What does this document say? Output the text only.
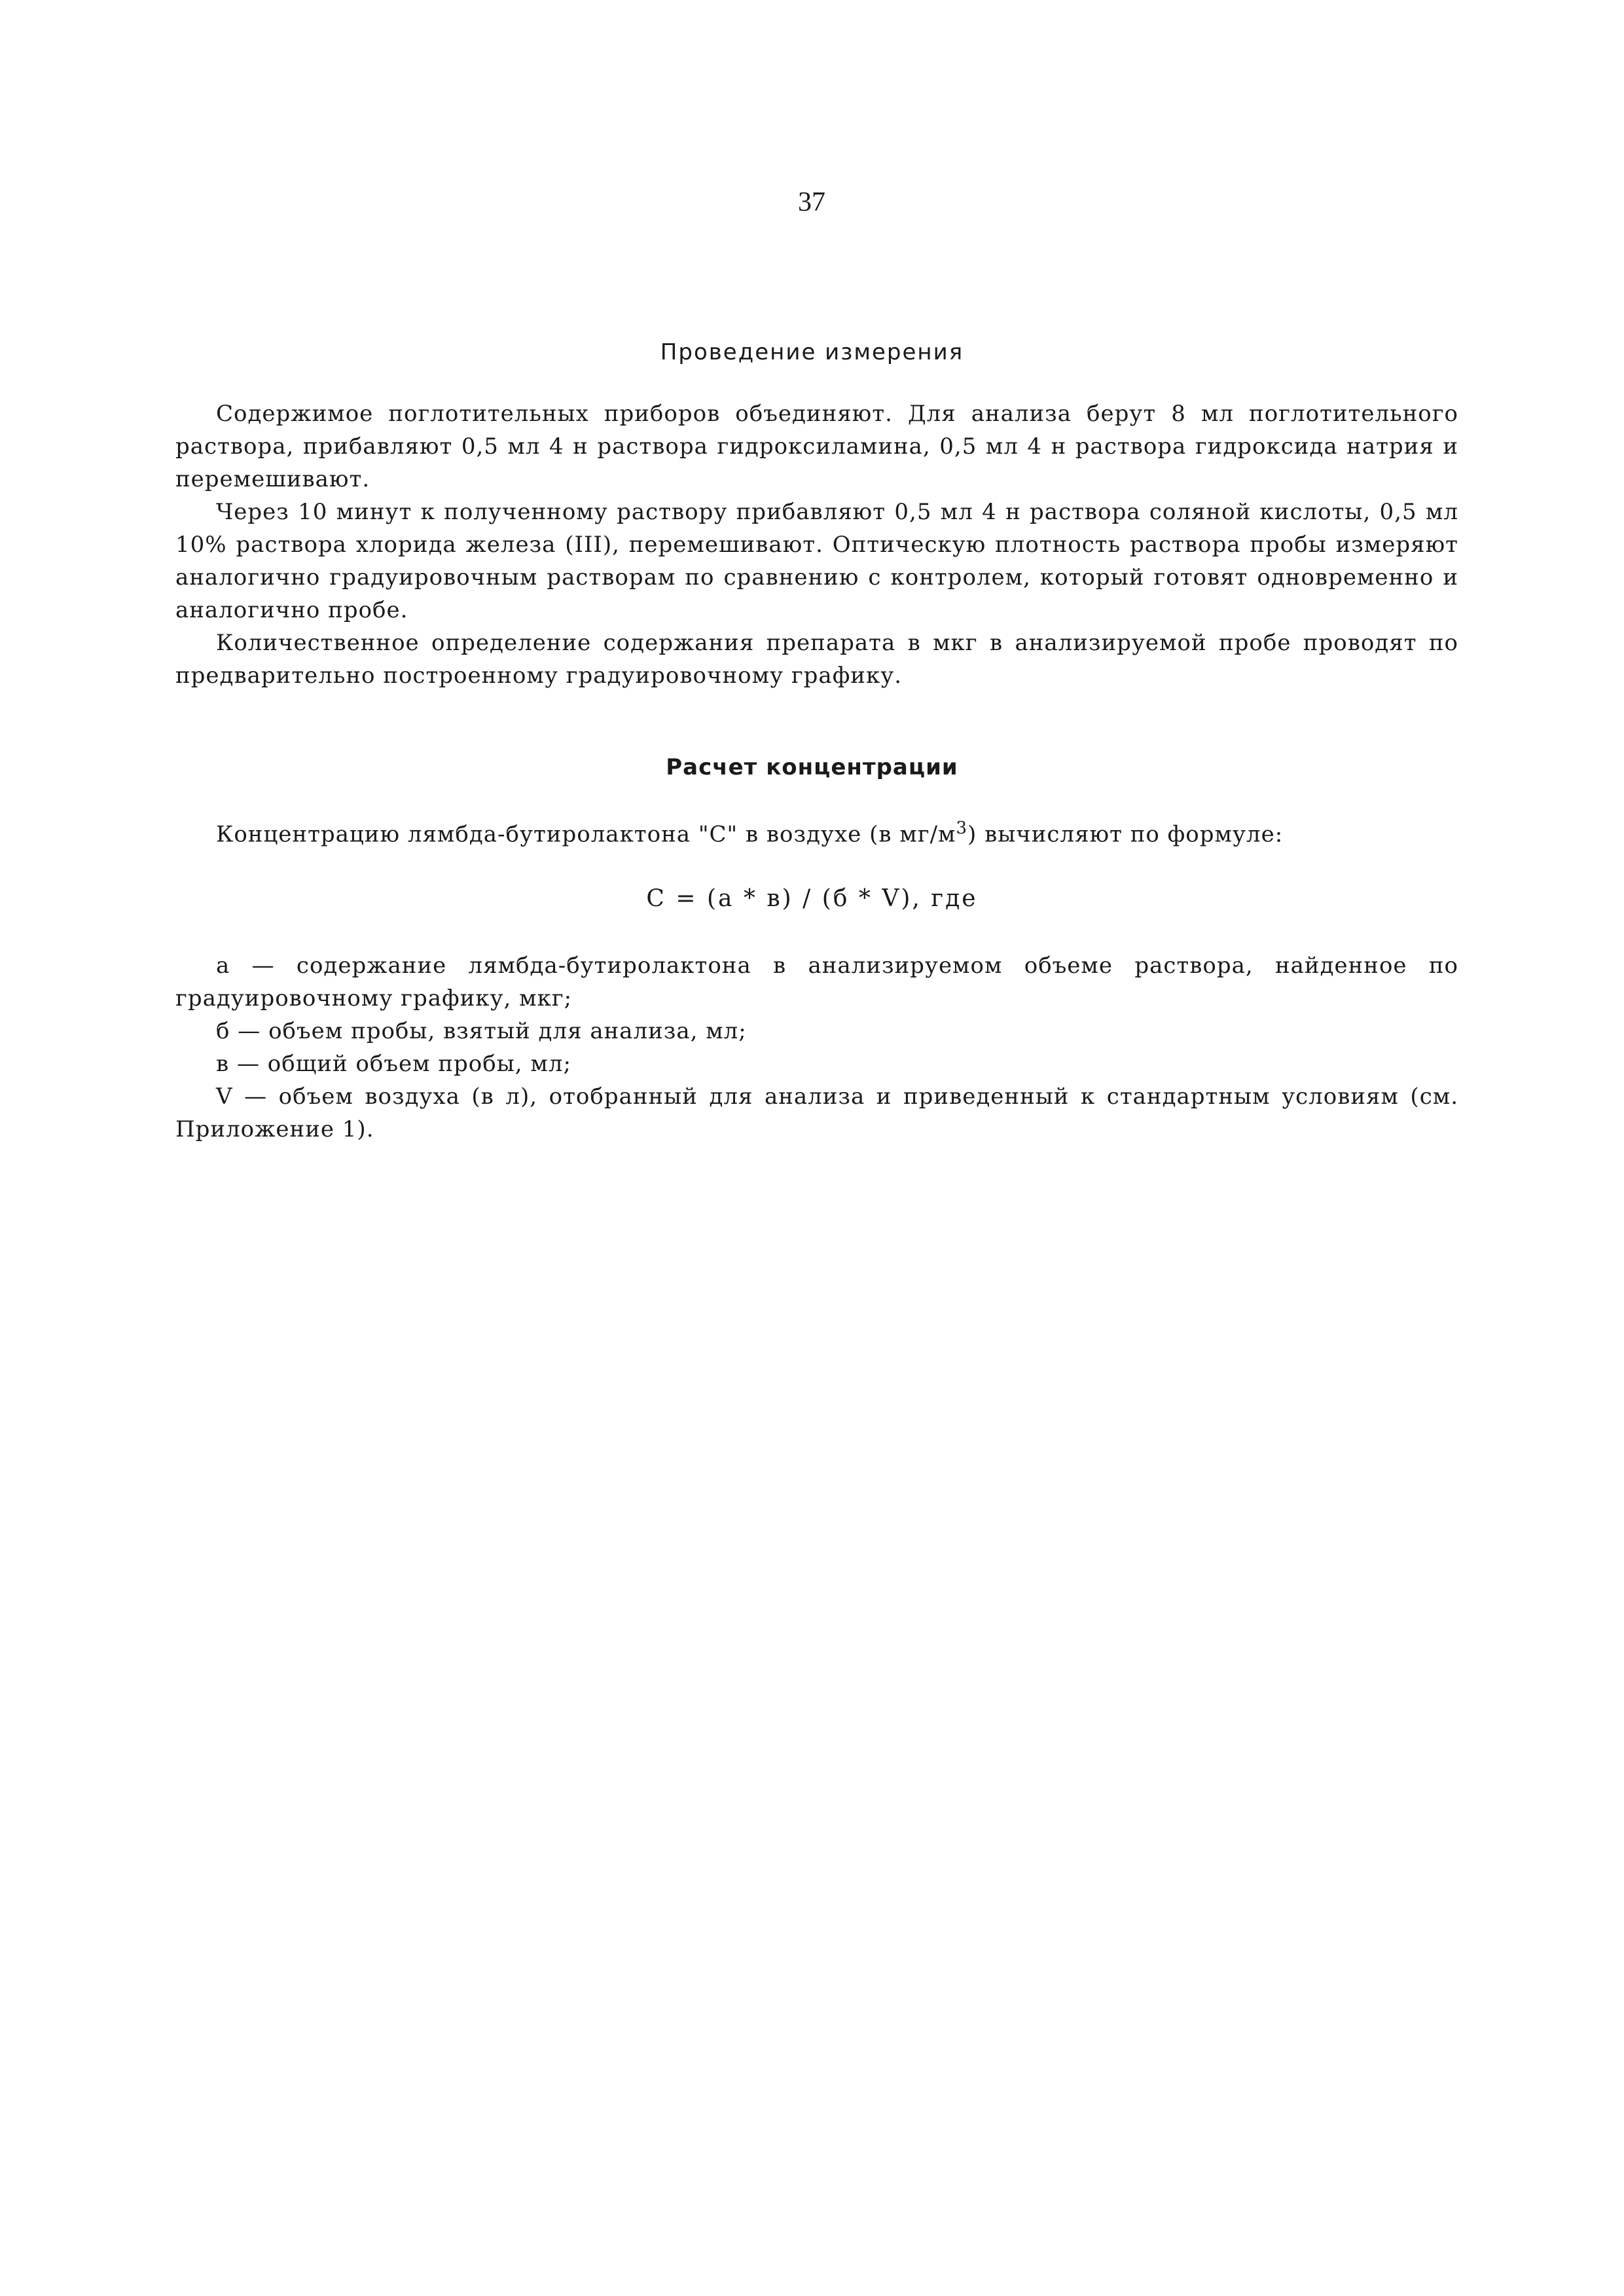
37
Проведение измерения

Содержимое поглотительных приборов объединяют. Для анализа берут 8 мл поглотительного раствора, прибавляют 0,5 мл 4 н раствора гидроксиламина, 0,5 мл 4 н раствора гидроксида натрия и перемешивают.

Через 10 минут к полученному раствору прибавляют 0,5 мл 4 н раствора соляной кислоты, 0,5 мл 10% раствора хлорида железа (III), перемешивают. Оптическую плотность раствора пробы измеряют аналогично градуировочным растворам по сравнению с контролем, который готовят одновременно и аналогично пробе.

Количественное определение содержания препарата в мкг в анализируемой пробе проводят по предварительно построенному градуировочному графику.

Расчет концентрации
Концентрацию лямбда-бутиролактона "С" в воздухе (в $мг/м^3$) вычисляют по формуле:
С = (а * в) / (б * V), где

а — содержание лямбда-бутиролактона в анализируемом объеме раствора, найденное по градуировочному графику, мкг;

б — объем пробы, взятый для анализа, мл;

в — общий объем пробы, мл;

V — объем воздуха (в л), отобранный для анализа и приведенный к стандартным условиям (см. Приложение 1).
